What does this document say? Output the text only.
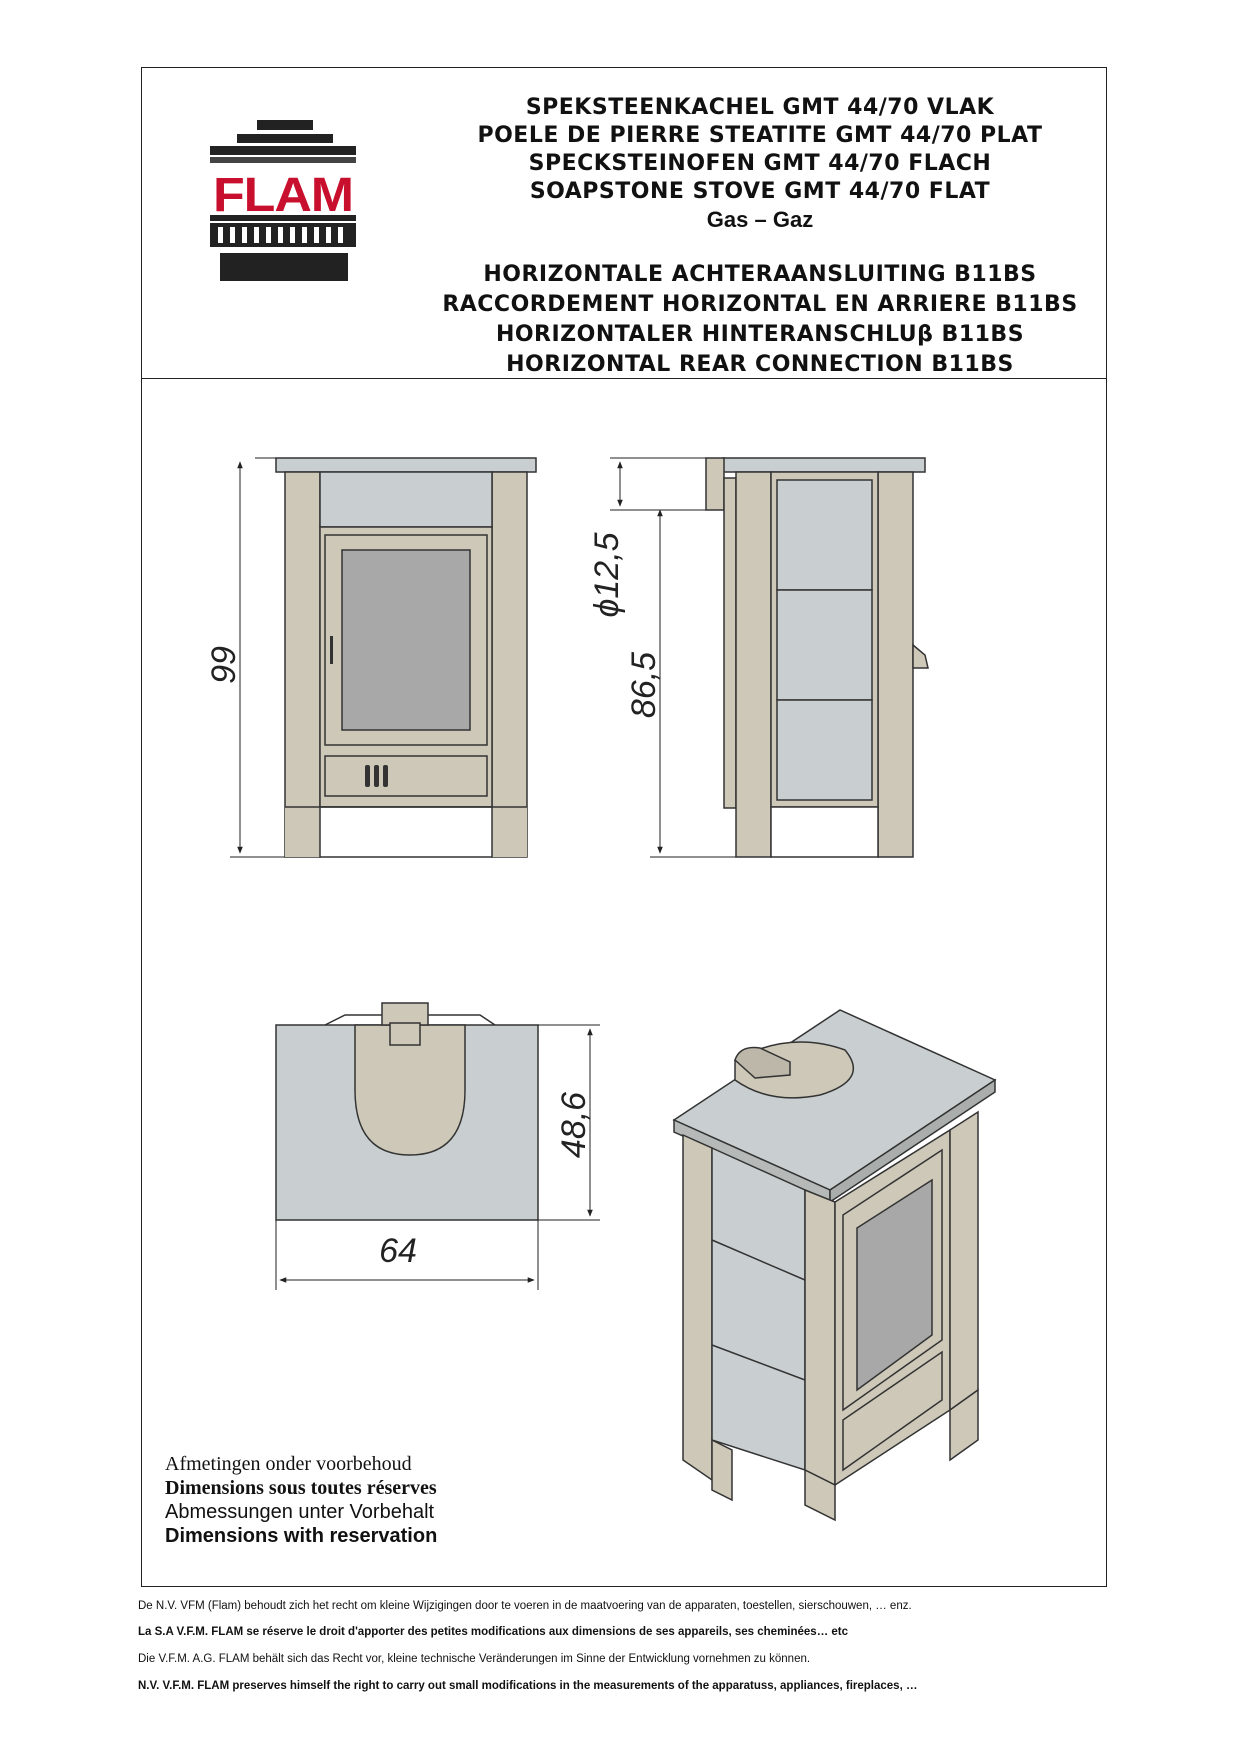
FLAM
SPEKSTEENKACHEL GMT 44/70 VLAK
POELE DE PIERRE STEATITE GMT 44/70 PLAT
SPECKSTEINOFEN GMT 44/70 FLACH
SOAPSTONE STOVE GMT 44/70 FLAT
Gas – Gaz
HORIZONTALE ACHTERAANSLUITING B11BS
RACCORDEMENT HORIZONTAL EN ARRIERE B11BS
HORIZONTALER HINTERANSCHLUβ B11BS
HORIZONTAL REAR CONNECTION B11BS
99
ϕ12,5
86,5
48,6
64
Afmetingen onder voorbehoud
Dimensions sous toutes réserves
Abmessungen unter Vorbehalt
Dimensions with reservation
De N.V. VFM (Flam) behoudt zich het recht om kleine Wijzigingen door te voeren in de maatvoering van de apparaten, toestellen, sierschouwen, … enz.
La S.A V.F.M. FLAM se réserve le droit d'apporter des petites modifications aux dimensions de ses appareils, ses cheminées… etc
Die V.F.M. A.G. FLAM behält sich das Recht vor, kleine technische Veränderungen im Sinne der Entwicklung vornehmen zu können.
N.V. V.F.M. FLAM preserves himself the right to carry out small modifications in the measurements of the apparatuss, appliances, fireplaces, …
